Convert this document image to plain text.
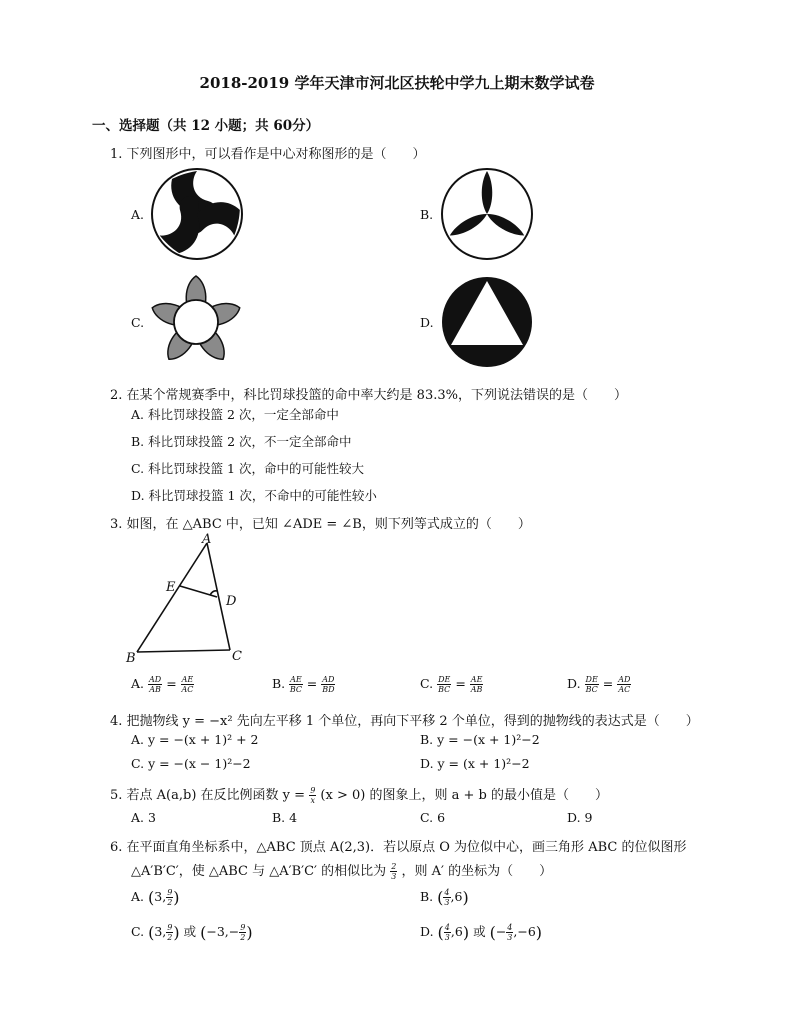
2018-2019 学年天津市河北区扶轮中学九上期末数学试卷
一、选择题（共 12 小题；共 60分）
1. 下列图形中，可以看作是中心对称图形的是（　　）
A.	B.
C.	D.
2. 在某个常规赛季中，科比罚球投篮的命中率大约是 83.3%，下列说法错误的是（　　）
A. 科比罚球投篮 2 次，一定全部命中
B. 科比罚球投篮 2 次，不一定全部命中
C. 科比罚球投篮 1 次，命中的可能性较大
D. 科比罚球投篮 1 次，不命中的可能性较小
3. 如图，在 △ABC 中，已知 ∠ADE = ∠B，则下列等式成立的（　　）
A
E
D
B	C
A. $\frac{AD}{AB} = \frac{AE}{AC}$	B. $\frac{AE}{BC} = \frac{AD}{BD}$	C. $\frac{DE}{BC} = \frac{AE}{AB}$	D. $\frac{DE}{BC} = \frac{AD}{AC}$
4. 把抛物线 y = −x² 先向左平移 1 个单位，再向下平移 2 个单位，得到的抛物线的表达式是（　　）
A. y = −(x + 1)² + 2	B. y = −(x + 1)²−2
C. y = −(x − 1)²−2	D. y = (x + 1)²−2
5. 若点 A(a,b) 在反比例函数 $y = \frac{9}{x} (x > 0)$ 的图象上，则 a + b 的最小值是（　　）
A. 3	B. 4	C. 6	D. 9
6. 在平面直角坐标系中，△ABC 顶点 A(2,3)．若以原点 O 为位似中心，画三角形 ABC 的位似图形
△A′B′C′，使 △ABC 与 △A′B′C′ 的相似比为 $\frac{2}{3}$ ，则 A′ 的坐标为（　　）
A. (3, $\frac{9}{2}$ )	B. ( $\frac{4}{3} ,6$)
C. (3, $\frac{9}{2}$ ) 或 ($-3,- \frac{9}{2}$ )	D. ( $\frac{4}{3} ,6$) 或 (− $\frac{4}{3} ,-6$)
